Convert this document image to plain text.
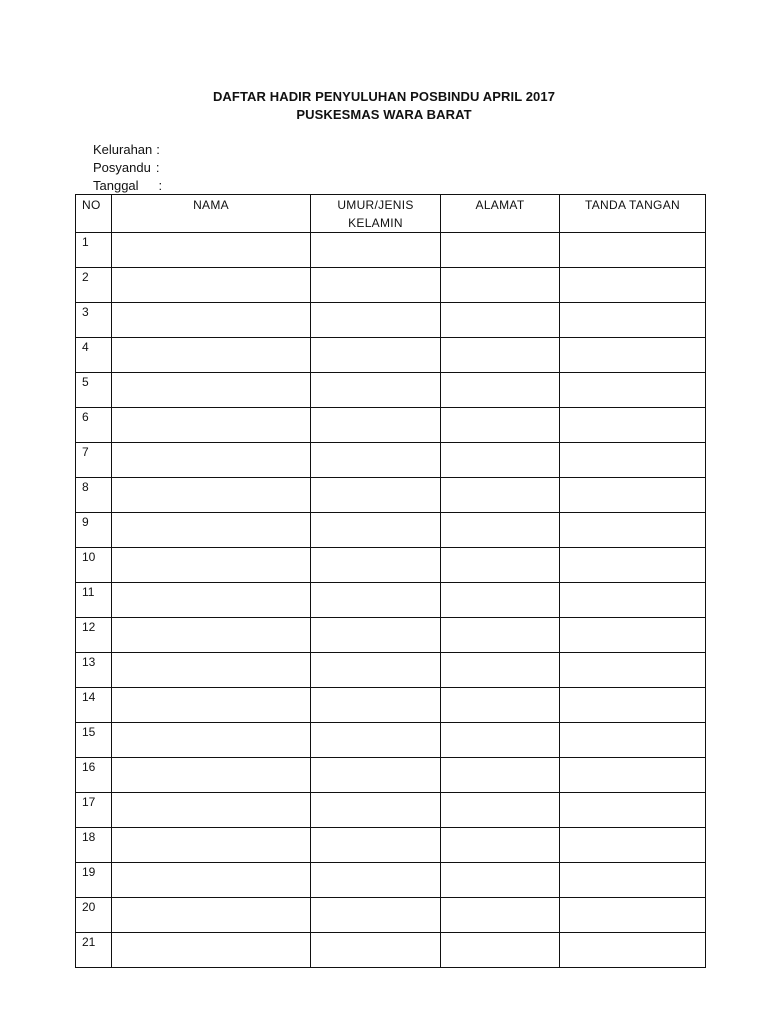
DAFTAR HADIR PENYULUHAN POSBINDU APRIL 2017
PUSKESMAS WARA BARAT
Kelurahan :
Posyandu :
Tanggal :
NO	NAMA	UMUR/JENIS KELAMIN	ALAMAT	TANDA TANGAN
1				
2				
3				
4				
5				
6				
7				
8				
9				
10				
11				
12				
13				
14				
15				
16				
17				
18				
19				
20				
21				
